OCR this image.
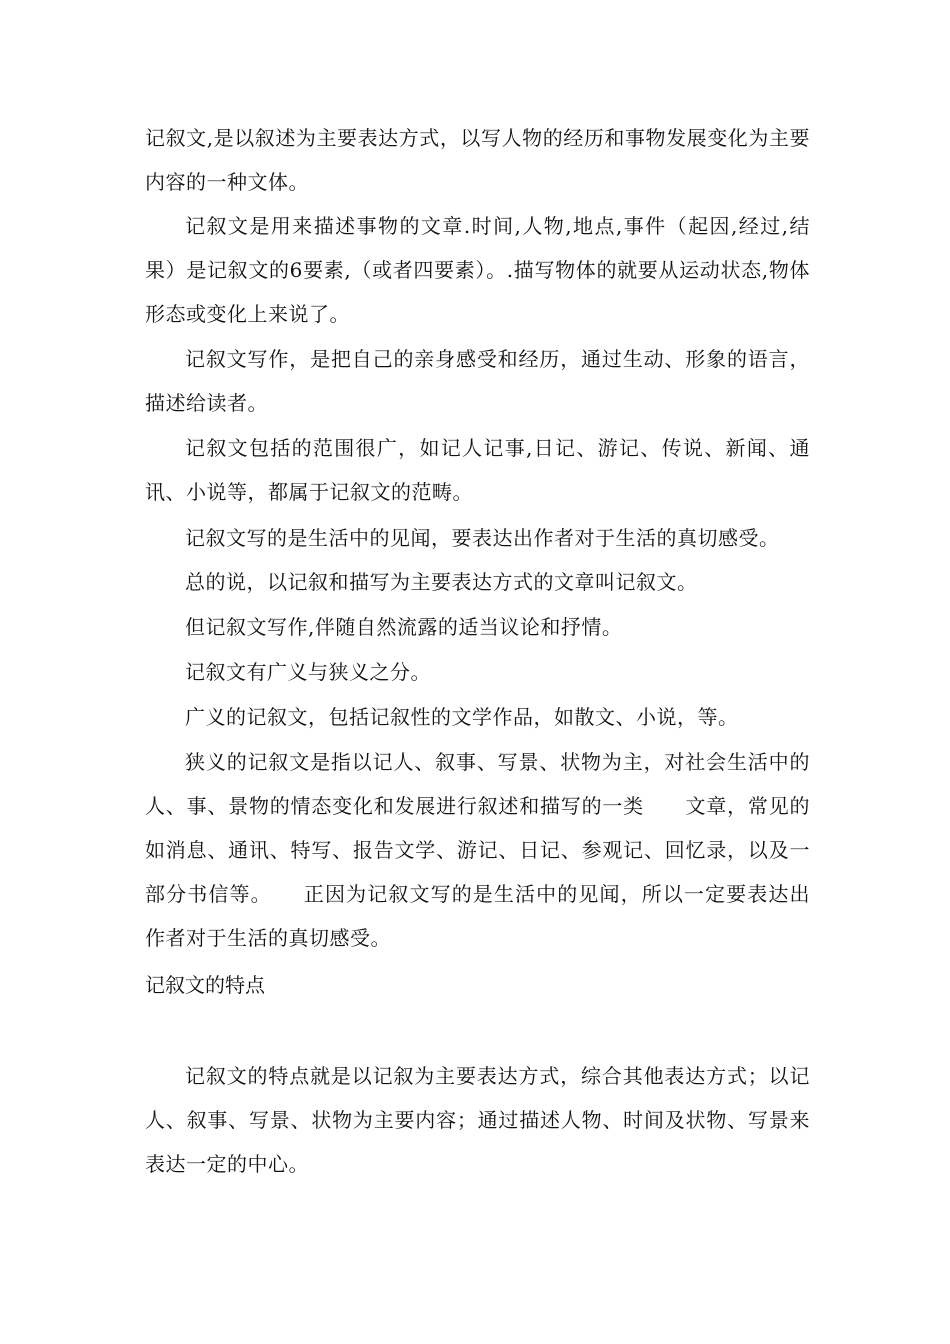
记叙文,是以叙述为主要表达方式，以写人物的经历和事物发展变化为主要内容的一种文体。

记叙文是用来描述事物的文章.时间,人物,地点,事件（起因,经过,结果）是记叙文的6要素,（或者四要素）。.描写物体的就要从运动状态,物体形态或变化上来说了。

记叙文写作，是把自己的亲身感受和经历，通过生动、形象的语言，描述给读者。

记叙文包括的范围很广，如记人记事,日记、游记、传说、新闻、通讯、小说等，都属于记叙文的范畴。

记叙文写的是生活中的见闻，要表达出作者对于生活的真切感受。

总的说，以记叙和描写为主要表达方式的文章叫记叙文。

但记叙文写作,伴随自然流露的适当议论和抒情。

记叙文有广义与狭义之分。

广义的记叙文，包括记叙性的文学作品，如散文、小说，等。

狭义的记叙文是指以记人、叙事、写景、状物为主，对社会生活中的人、事、景物的情态变化和发展进行叙述和描写的一类　　文章，常见的如消息、通讯、特写、报告文学、游记、日记、参观记、回忆录，以及一部分书信等。　　正因为记叙文写的是生活中的见闻，所以一定要表达出作者对于生活的真切感受。

记叙文的特点

记叙文的特点就是以记叙为主要表达方式，综合其他表达方式；以记人、叙事、写景、状物为主要内容；通过描述人物、时间及状物、写景来表达一定的中心。
